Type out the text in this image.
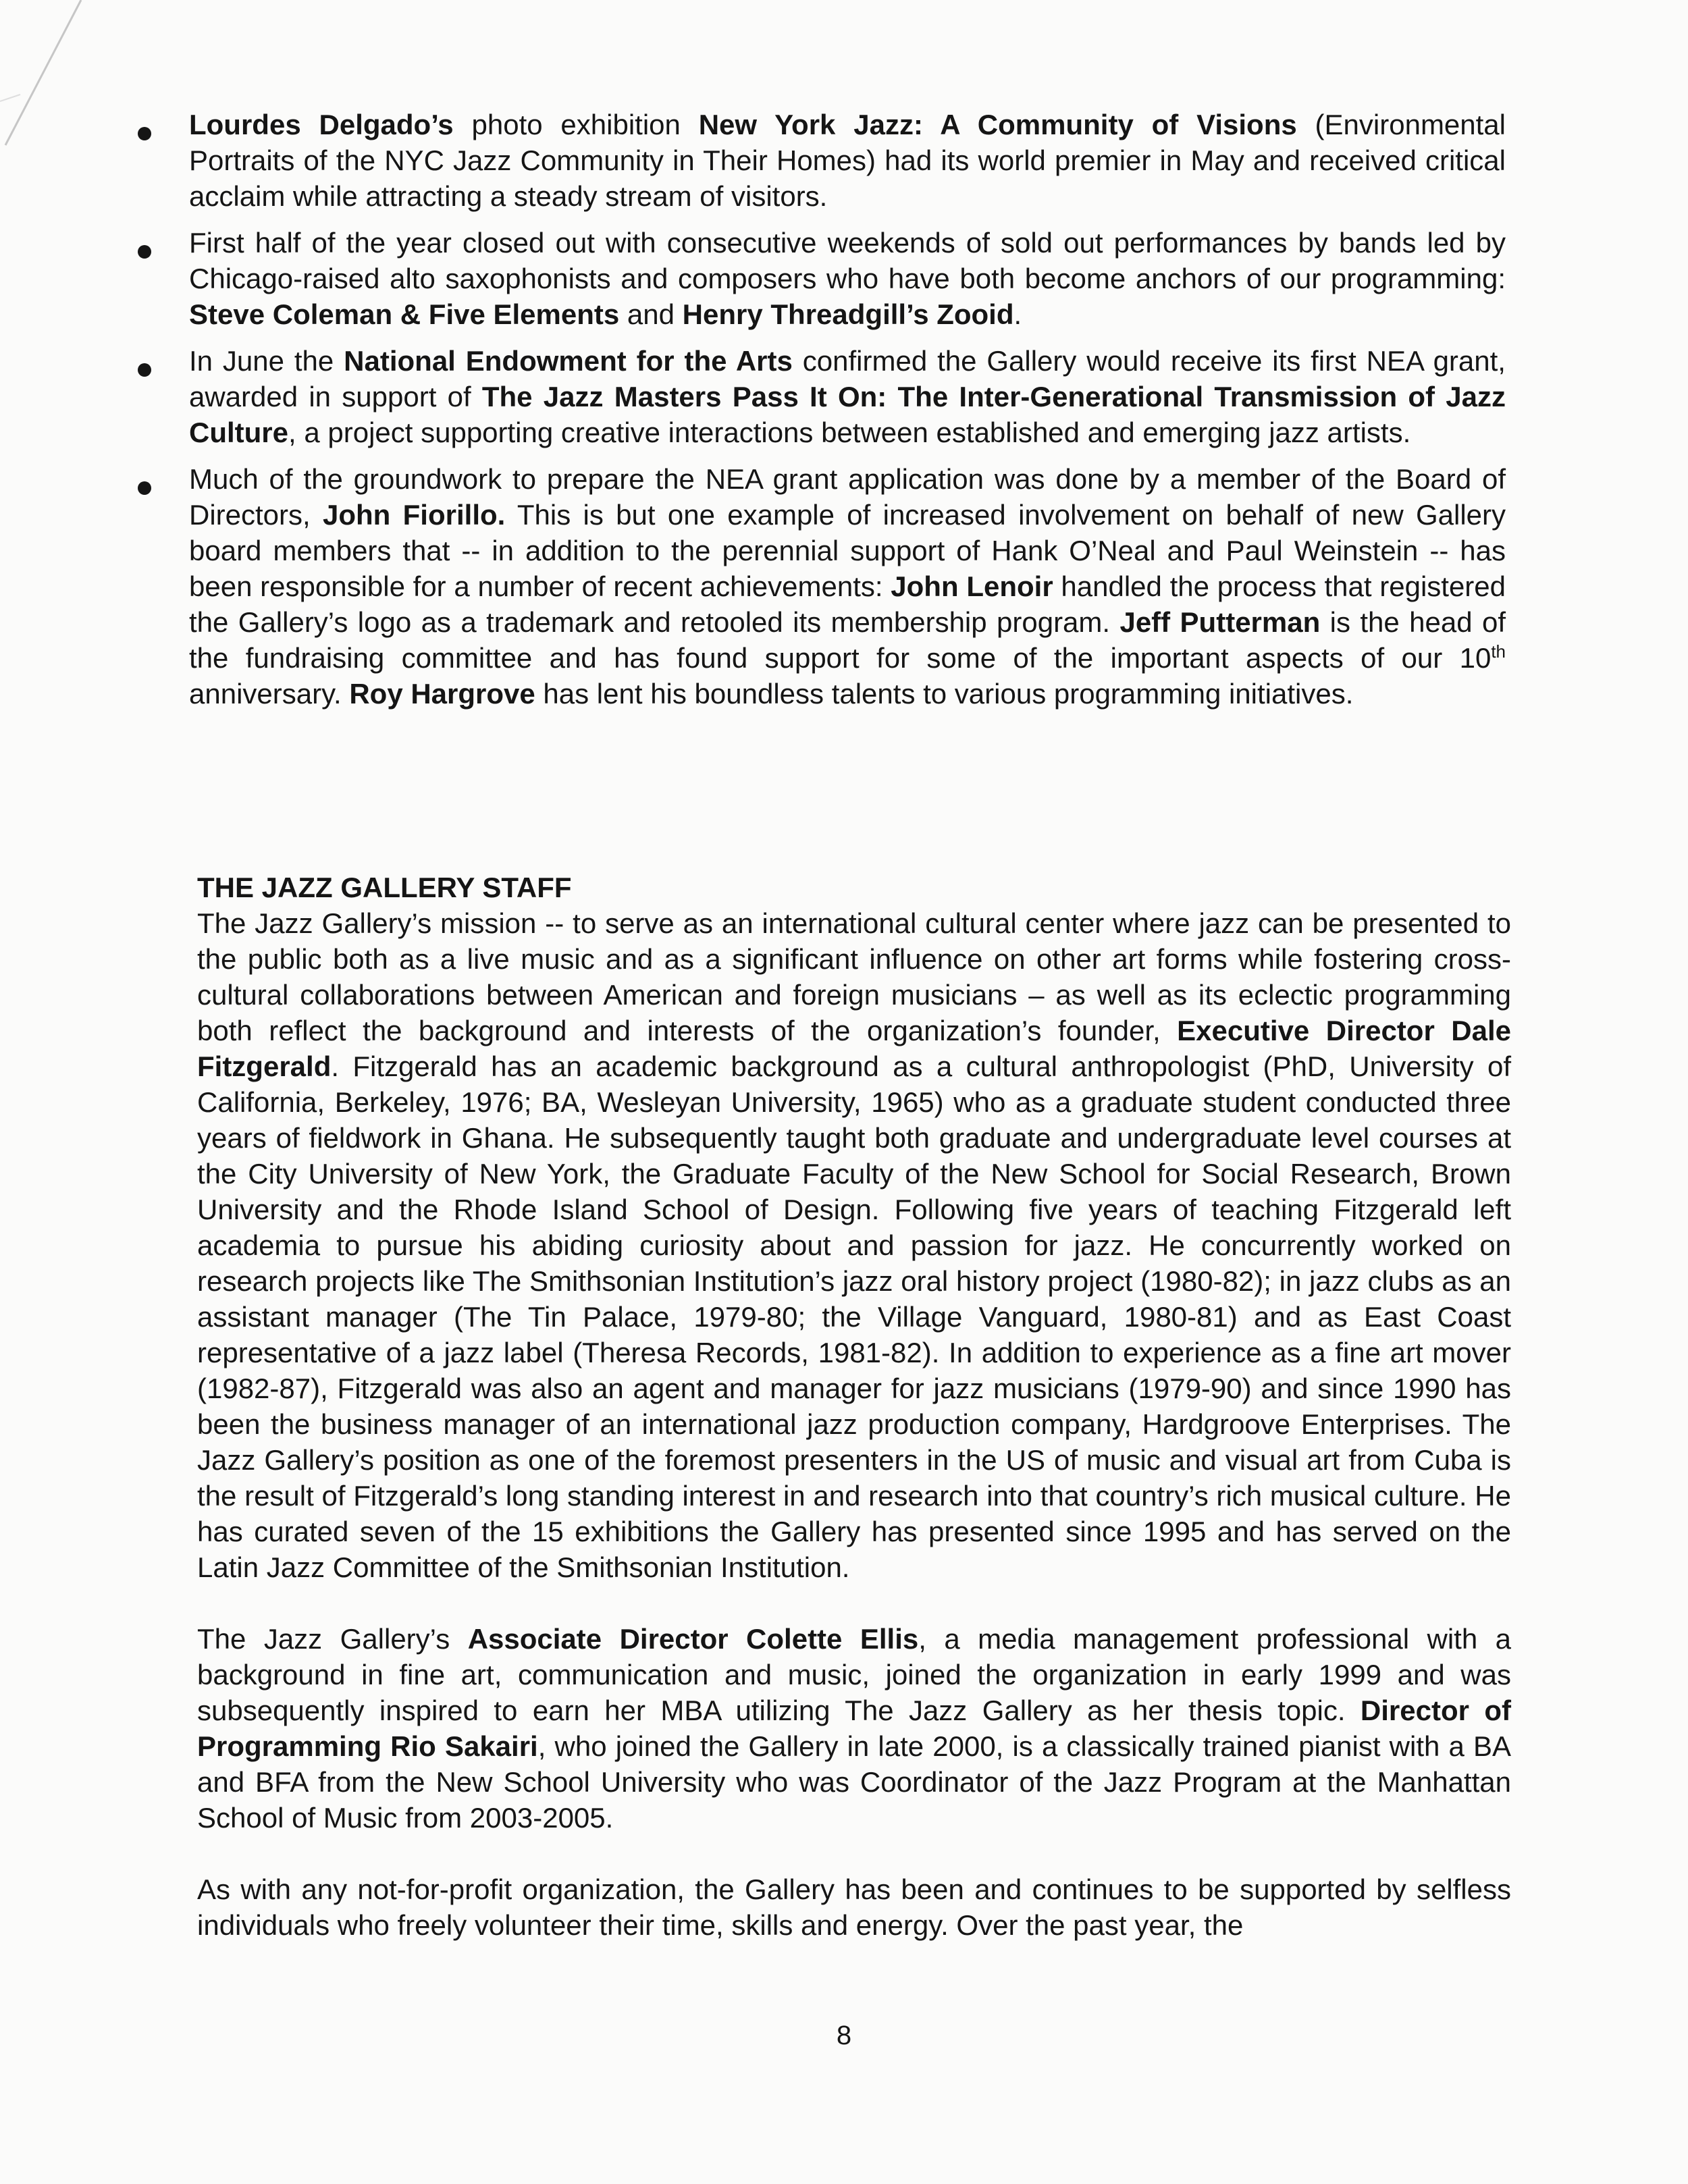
Lourdes Delgado’s photo exhibition New York Jazz: A Community of Visions (Environmental Portraits of the NYC Jazz Community in Their Homes) had its world premier in May and received critical acclaim while attracting a steady stream of visitors.

First half of the year closed out with consecutive weekends of sold out performances by bands led by Chicago-raised alto saxophonists and composers who have both become anchors of our programming: Steve Coleman & Five Elements and Henry Threadgill’s Zooid.

In June the National Endowment for the Arts confirmed the Gallery would receive its first NEA grant, awarded in support of The Jazz Masters Pass It On: The Inter-Generational Transmission of Jazz Culture, a project supporting creative interactions between established and emerging jazz artists.

Much of the groundwork to prepare the NEA grant application was done by a member of the Board of Directors, John Fiorillo. This is but one example of increased involvement on behalf of new Gallery board members that -- in addition to the perennial support of Hank O’Neal and Paul Weinstein -- has been responsible for a number of recent achievements: John Lenoir handled the process that registered the Gallery’s logo as a trademark and retooled its membership program. Jeff Putterman is the head of the fundraising committee and has found support for some of the important aspects of our 10th anniversary. Roy Hargrove has lent his boundless talents to various programming initiatives.

THE JAZZ GALLERY STAFF

The Jazz Gallery’s mission -- to serve as an international cultural center where jazz can be presented to the public both as a live music and as a significant influence on other art forms while fostering cross-cultural collaborations between American and foreign musicians – as well as its eclectic programming both reflect the background and interests of the organization’s founder, Executive Director Dale Fitzgerald. Fitzgerald has an academic background as a cultural anthropologist (PhD, University of California, Berkeley, 1976; BA, Wesleyan University, 1965) who as a graduate student conducted three years of fieldwork in Ghana. He subsequently taught both graduate and undergraduate level courses at the City University of New York, the Graduate Faculty of the New School for Social Research, Brown University and the Rhode Island School of Design. Following five years of teaching Fitzgerald left academia to pursue his abiding curiosity about and passion for jazz. He concurrently worked on research projects like The Smithsonian Institution’s jazz oral history project (1980-82); in jazz clubs as an assistant manager (The Tin Palace, 1979-80; the Village Vanguard, 1980-81) and as East Coast representative of a jazz label (Theresa Records, 1981-82). In addition to experience as a fine art mover (1982-87), Fitzgerald was also an agent and manager for jazz musicians (1979-90) and since 1990 has been the business manager of an international jazz production company, Hardgroove Enterprises. The Jazz Gallery’s position as one of the foremost presenters in the US of music and visual art from Cuba is the result of Fitzgerald’s long standing interest in and research into that country’s rich musical culture. He has curated seven of the 15 exhibitions the Gallery has presented since 1995 and has served on the Latin Jazz Committee of the Smithsonian Institution.

The Jazz Gallery’s Associate Director Colette Ellis, a media management professional with a background in fine art, communication and music, joined the organization in early 1999 and was subsequently inspired to earn her MBA utilizing The Jazz Gallery as her thesis topic. Director of Programming Rio Sakairi, who joined the Gallery in late 2000, is a classically trained pianist with a BA and BFA from the New School University who was Coordinator of the Jazz Program at the Manhattan School of Music from 2003-2005.

As with any not-for-profit organization, the Gallery has been and continues to be supported by selfless individuals who freely volunteer their time, skills and energy. Over the past year, the

8
